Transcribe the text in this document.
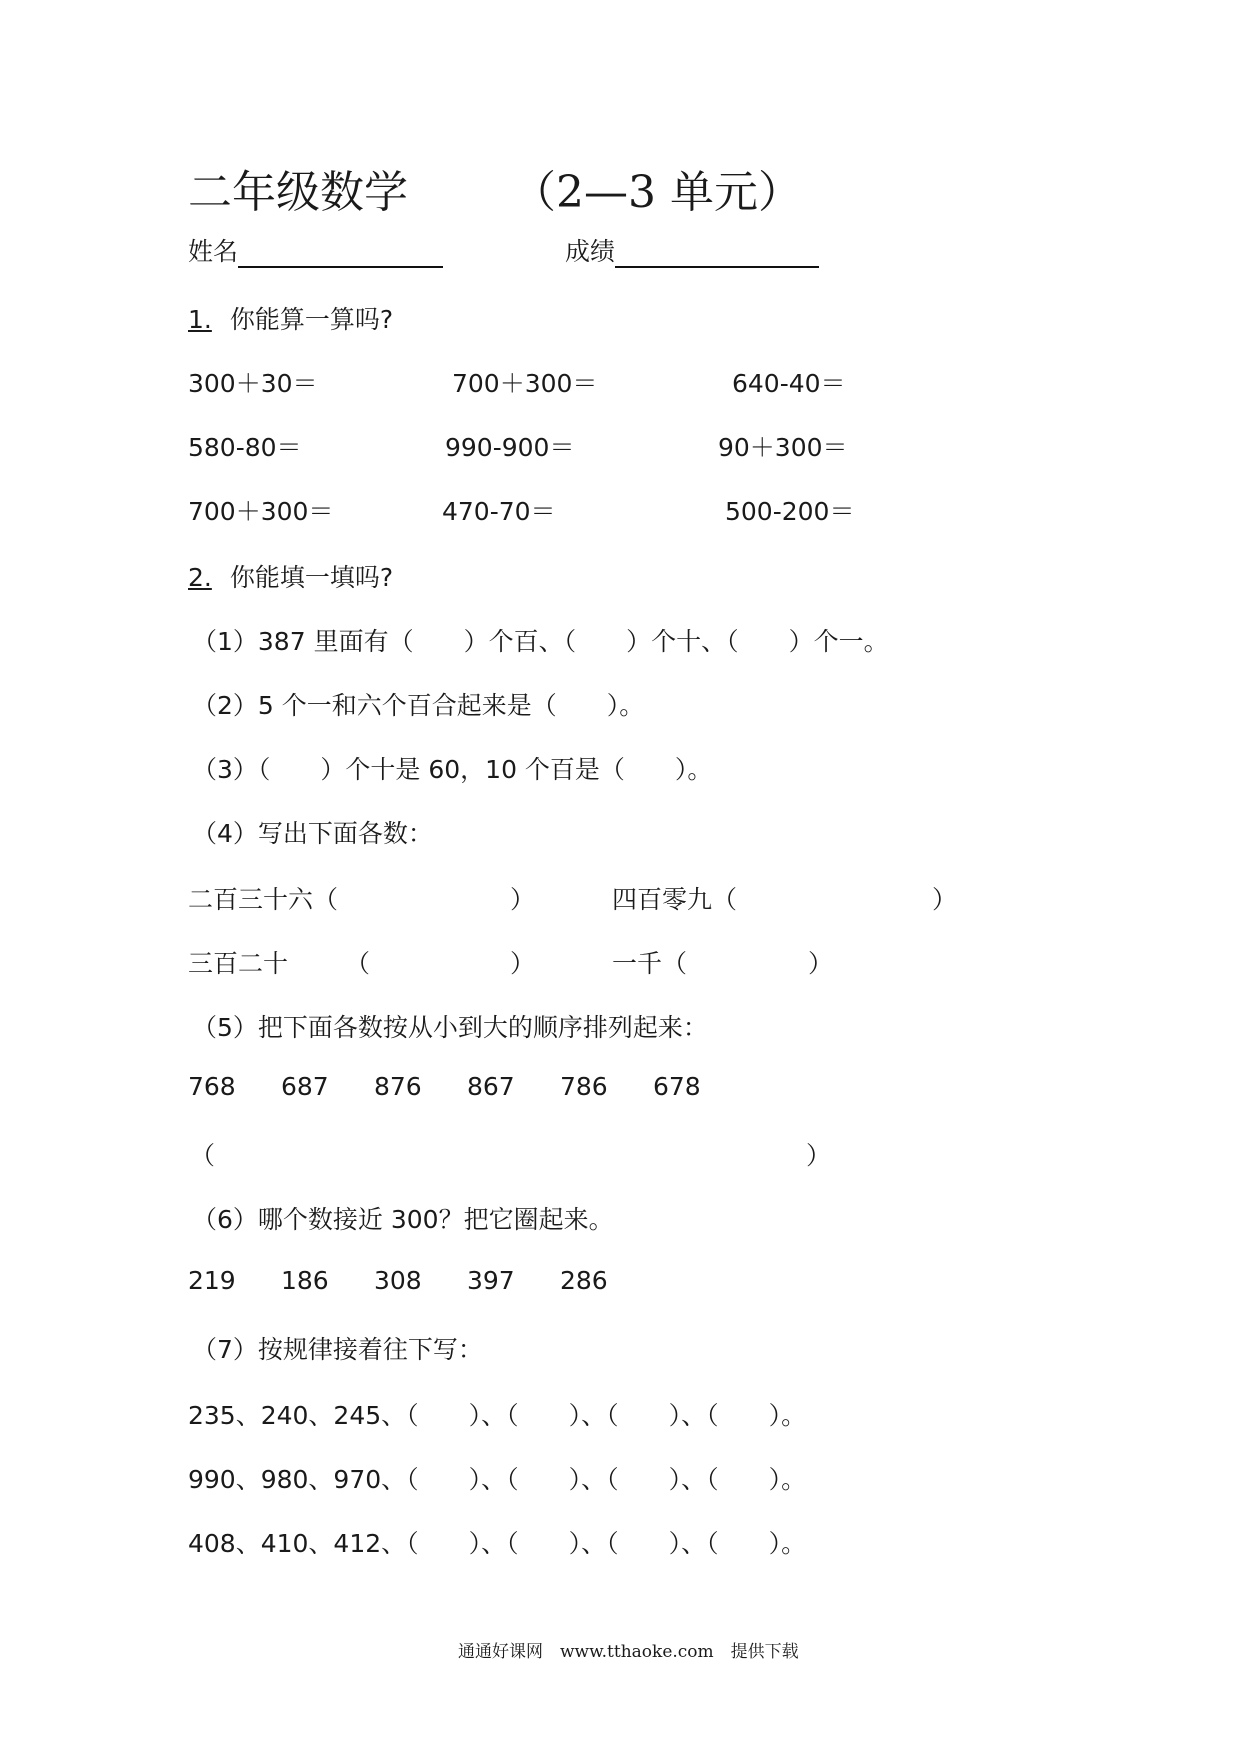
二年级数学 （2—3 单元）
姓名	成绩
1. 你能算一算吗?
300＋30＝	700＋300＝	640-40＝
580-80＝	990-900＝	90＋300＝
700＋300＝	470-70＝	500-200＝
2. 你能填一填吗?
（1）387 里面有（　　）个百、（　　）个十、（　　）个一。
（2）5 个一和六个百合起来是（　　）。
（3）（　　）个十是 60，10 个百是（　　）。
（4）写出下面各数：
二百三十六（	）	四百零九（	）
三百二十 （	）	一千（	）
（5）把下面各数按从小到大的顺序排列起来：
768 687 876 867 786 678
（	）
（6）哪个数接近 300？把它圈起来。
219 186 308 397 286
（7）按规律接着往下写：
235、240、245、（　　）、（　　）、（　　）、（　　）。
990、980、970、（　　）、（　　）、（　　）、（　　）。
408、410、412、（　　）、（　　）、（　　）、（　　）。
通通好课网　www.tthaoke.com　提供下载
